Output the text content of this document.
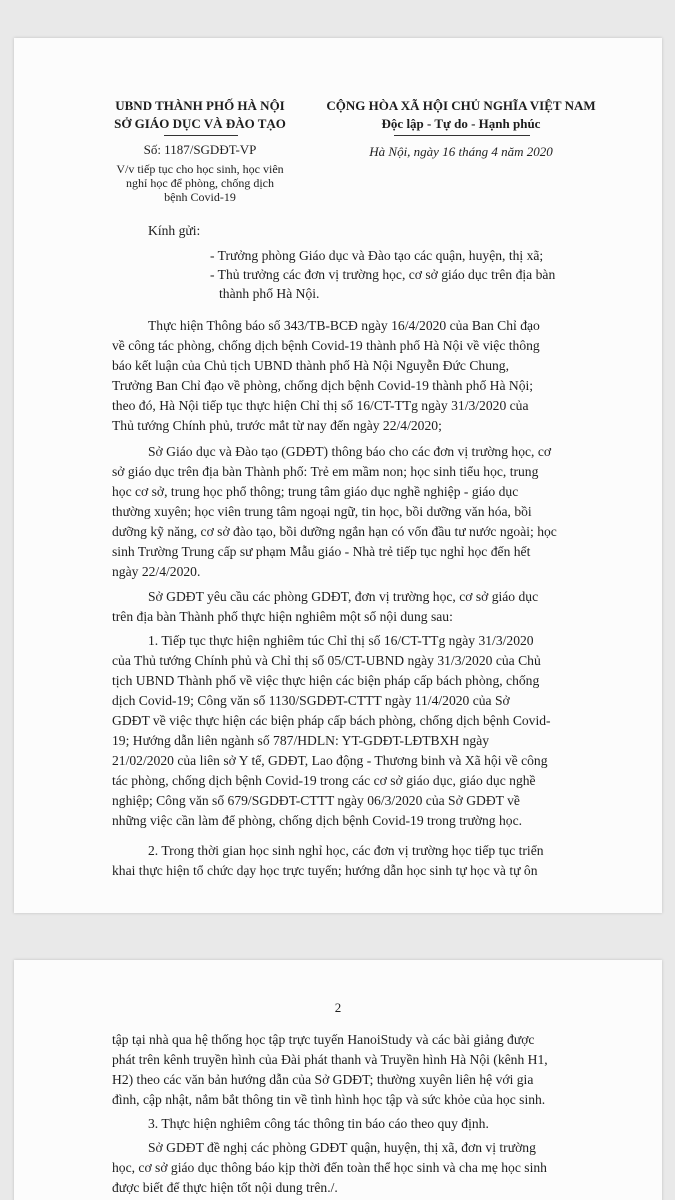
UBND THÀNH PHỐ HÀ NỘI
SỞ GIÁO DỤC VÀ ĐÀO TẠO
Số: 1187/SGDĐT-VP
V/v tiếp tục cho học sinh, học viên
nghỉ học để phòng, chống dịch
bệnh Covid-19
CỘNG HÒA XÃ HỘI CHỦ NGHĨA VIỆT NAM
Độc lập - Tự do - Hạnh phúc
Hà Nội, ngày 16 tháng 4 năm 2020
Kính gửi:
- Trưởng phòng Giáo dục và Đào tạo các quận, huyện, thị xã;
- Thủ trưởng các đơn vị trường học, cơ sở giáo dục trên địa bàn
thành phố Hà Nội.
Thực hiện Thông báo số 343/TB-BCĐ ngày 16/4/2020 của Ban Chỉ đạo
về công tác phòng, chống dịch bệnh Covid-19 thành phố Hà Nội về việc thông
báo kết luận của Chủ tịch UBND thành phố Hà Nội Nguyễn Đức Chung,
Trưởng Ban Chỉ đạo về phòng, chống dịch bệnh Covid-19 thành phố Hà Nội;
theo đó, Hà Nội tiếp tục thực hiện Chỉ thị số 16/CT-TTg ngày 31/3/2020 của
Thủ tướng Chính phủ, trước mắt từ nay đến ngày 22/4/2020;
Sở Giáo dục và Đào tạo (GDĐT) thông báo cho các đơn vị trường học, cơ
sở giáo dục trên địa bàn Thành phố: Trẻ em mầm non; học sinh tiểu học, trung
học cơ sở, trung học phổ thông; trung tâm giáo dục nghề nghiệp - giáo dục
thường xuyên; học viên trung tâm ngoại ngữ, tin học, bồi dưỡng văn hóa, bồi
dưỡng kỹ năng, cơ sở đào tạo, bồi dưỡng ngắn hạn có vốn đầu tư nước ngoài; học
sinh Trường Trung cấp sư phạm Mẫu giáo - Nhà trẻ tiếp tục nghỉ học đến hết
ngày 22/4/2020.
Sở GDĐT yêu cầu các phòng GDĐT, đơn vị trường học, cơ sở giáo dục
trên địa bàn Thành phố thực hiện nghiêm một số nội dung sau:
1. Tiếp tục thực hiện nghiêm túc Chỉ thị số 16/CT-TTg ngày 31/3/2020
của Thủ tướng Chính phủ và Chỉ thị số 05/CT-UBND ngày 31/3/2020 của Chủ
tịch UBND Thành phố về việc thực hiện các biện pháp cấp bách phòng, chống
dịch Covid-19; Công văn số 1130/SGDĐT-CTTT ngày 11/4/2020 của Sở
GDĐT về việc thực hiện các biện pháp cấp bách phòng, chống dịch bệnh Covid-
19; Hướng dẫn liên ngành số 787/HDLN: YT-GDĐT-LĐTBXH ngày
21/02/2020 của liên sở Y tế, GDĐT, Lao động - Thương binh và Xã hội về công
tác phòng, chống dịch bệnh Covid-19 trong các cơ sở giáo dục, giáo dục nghề
nghiệp; Công văn số 679/SGDĐT-CTTT ngày 06/3/2020 của Sở GDĐT về
những việc cần làm để phòng, chống dịch bệnh Covid-19 trong trường học.
2. Trong thời gian học sinh nghỉ học, các đơn vị trường học tiếp tục triển
khai thực hiện tổ chức dạy học trực tuyến; hướng dẫn học sinh tự học và tự ôn
2
tập tại nhà qua hệ thống học tập trực tuyến HanoiStudy và các bài giảng được
phát trên kênh truyền hình của Đài phát thanh và Truyền hình Hà Nội (kênh H1,
H2) theo các văn bản hướng dẫn của Sở GDĐT; thường xuyên liên hệ với gia
đình, cập nhật, nắm bắt thông tin về tình hình học tập và sức khỏe của học sinh.
3. Thực hiện nghiêm công tác thông tin báo cáo theo quy định.
Sở GDĐT đề nghị các phòng GDĐT quận, huyện, thị xã, đơn vị trường
học, cơ sở giáo dục thông báo kịp thời đến toàn thể học sinh và cha mẹ học sinh
được biết để thực hiện tốt nội dung trên./.
